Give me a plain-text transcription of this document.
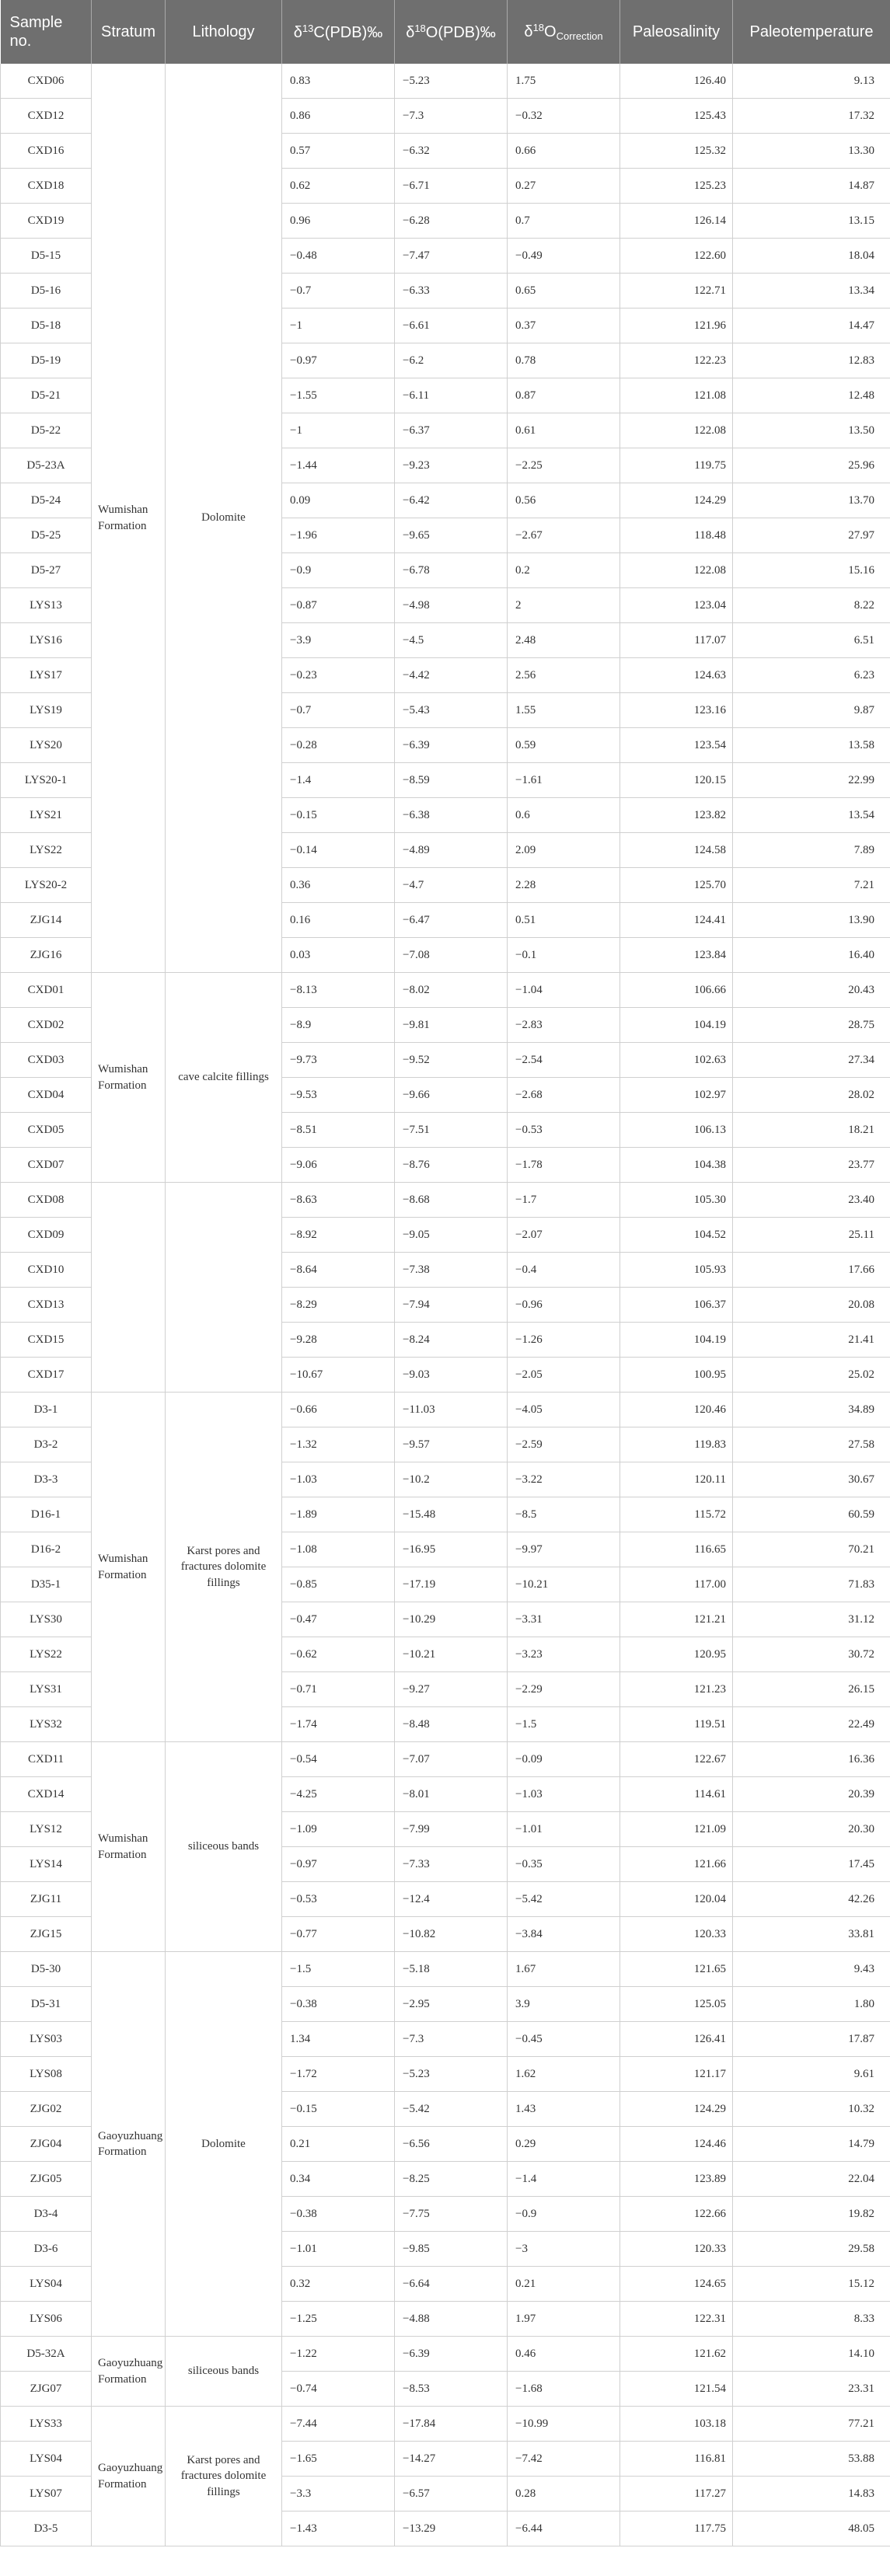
Sample no.	Stratum	Lithology	$\delta^{13}C(PDB)‰$	$\delta^{18}O(PDB)‰$	$\delta^{18}O_{Correction}$	Paleosalinity	Paleotemperature
CXD06	Wumishan Formation	Dolomite	0.83	−5.23	1.75	126.40	9.13
CXD12			0.86	−7.3	−0.32	125.43	17.32
CXD16			0.57	−6.32	0.66	125.32	13.30
CXD18			0.62	−6.71	0.27	125.23	14.87
CXD19			0.96	−6.28	0.7	126.14	13.15
D5-15			−0.48	−7.47	−0.49	122.60	18.04
D5-16			−0.7	−6.33	0.65	122.71	13.34
D5-18			−1	−6.61	0.37	121.96	14.47
D5-19			−0.97	−6.2	0.78	122.23	12.83
D5-21			−1.55	−6.11	0.87	121.08	12.48
D5-22			−1	−6.37	0.61	122.08	13.50
D5-23A			−1.44	−9.23	−2.25	119.75	25.96
D5-24			0.09	−6.42	0.56	124.29	13.70
D5-25			−1.96	−9.65	−2.67	118.48	27.97
D5-27			−0.9	−6.78	0.2	122.08	15.16
LYS13			−0.87	−4.98	2	123.04	8.22
LYS16			−3.9	−4.5	2.48	117.07	6.51
LYS17			−0.23	−4.42	2.56	124.63	6.23
LYS19			−0.7	−5.43	1.55	123.16	9.87
LYS20			−0.28	−6.39	0.59	123.54	13.58
LYS20-1			−1.4	−8.59	−1.61	120.15	22.99
LYS21			−0.15	−6.38	0.6	123.82	13.54
LYS22			−0.14	−4.89	2.09	124.58	7.89
LYS20-2			0.36	−4.7	2.28	125.70	7.21
ZJG14			0.16	−6.47	0.51	124.41	13.90
ZJG16			0.03	−7.08	−0.1	123.84	16.40
CXD01	Wumishan Formation	cave calcite fillings	−8.13	−8.02	−1.04	106.66	20.43
CXD02			−8.9	−9.81	−2.83	104.19	28.75
CXD03			−9.73	−9.52	−2.54	102.63	27.34
CXD04			−9.53	−9.66	−2.68	102.97	28.02
CXD05			−8.51	−7.51	−0.53	106.13	18.21
CXD07			−9.06	−8.76	−1.78	104.38	23.77
CXD08			−8.63	−8.68	−1.7	105.30	23.40
CXD09			−8.92	−9.05	−2.07	104.52	25.11
CXD10			−8.64	−7.38	−0.4	105.93	17.66
CXD13			−8.29	−7.94	−0.96	106.37	20.08
CXD15			−9.28	−8.24	−1.26	104.19	21.41
CXD17			−10.67	−9.03	−2.05	100.95	25.02
D3-1	Wumishan Formation	Karst pores and fractures dolomite fillings	−0.66	−11.03	−4.05	120.46	34.89
D3-2			−1.32	−9.57	−2.59	119.83	27.58
D3-3			−1.03	−10.2	−3.22	120.11	30.67
D16-1			−1.89	−15.48	−8.5	115.72	60.59
D16-2			−1.08	−16.95	−9.97	116.65	70.21
D35-1			−0.85	−17.19	−10.21	117.00	71.83
LYS30			−0.47	−10.29	−3.31	121.21	31.12
LYS22			−0.62	−10.21	−3.23	120.95	30.72
LYS31			−0.71	−9.27	−2.29	121.23	26.15
LYS32			−1.74	−8.48	−1.5	119.51	22.49
CXD11	Wumishan Formation	siliceous bands	−0.54	−7.07	−0.09	122.67	16.36
CXD14			−4.25	−8.01	−1.03	114.61	20.39
LYS12			−1.09	−7.99	−1.01	121.09	20.30
LYS14			−0.97	−7.33	−0.35	121.66	17.45
ZJG11			−0.53	−12.4	−5.42	120.04	42.26
ZJG15			−0.77	−10.82	−3.84	120.33	33.81
D5-30	Gaoyuzhuang Formation	Dolomite	−1.5	−5.18	1.67	121.65	9.43
D5-31			−0.38	−2.95	3.9	125.05	1.80
LYS03			1.34	−7.3	−0.45	126.41	17.87
LYS08			−1.72	−5.23	1.62	121.17	9.61
ZJG02			−0.15	−5.42	1.43	124.29	10.32
ZJG04			0.21	−6.56	0.29	124.46	14.79
ZJG05			0.34	−8.25	−1.4	123.89	22.04
D3-4			−0.38	−7.75	−0.9	122.66	19.82
D3-6			−1.01	−9.85	−3	120.33	29.58
LYS04			0.32	−6.64	0.21	124.65	15.12
LYS06			−1.25	−4.88	1.97	122.31	8.33
D5-32A	Gaoyuzhuang Formation	siliceous bands	−1.22	−6.39	0.46	121.62	14.10
ZJG07			−0.74	−8.53	−1.68	121.54	23.31
LYS33	Gaoyuzhuang Formation	Karst pores and fractures dolomite fillings	−7.44	−17.84	−10.99	103.18	77.21
LYS04			−1.65	−14.27	−7.42	116.81	53.88
LYS07			−3.3	−6.57	0.28	117.27	14.83
D3-5			−1.43	−13.29	−6.44	117.75	48.05
